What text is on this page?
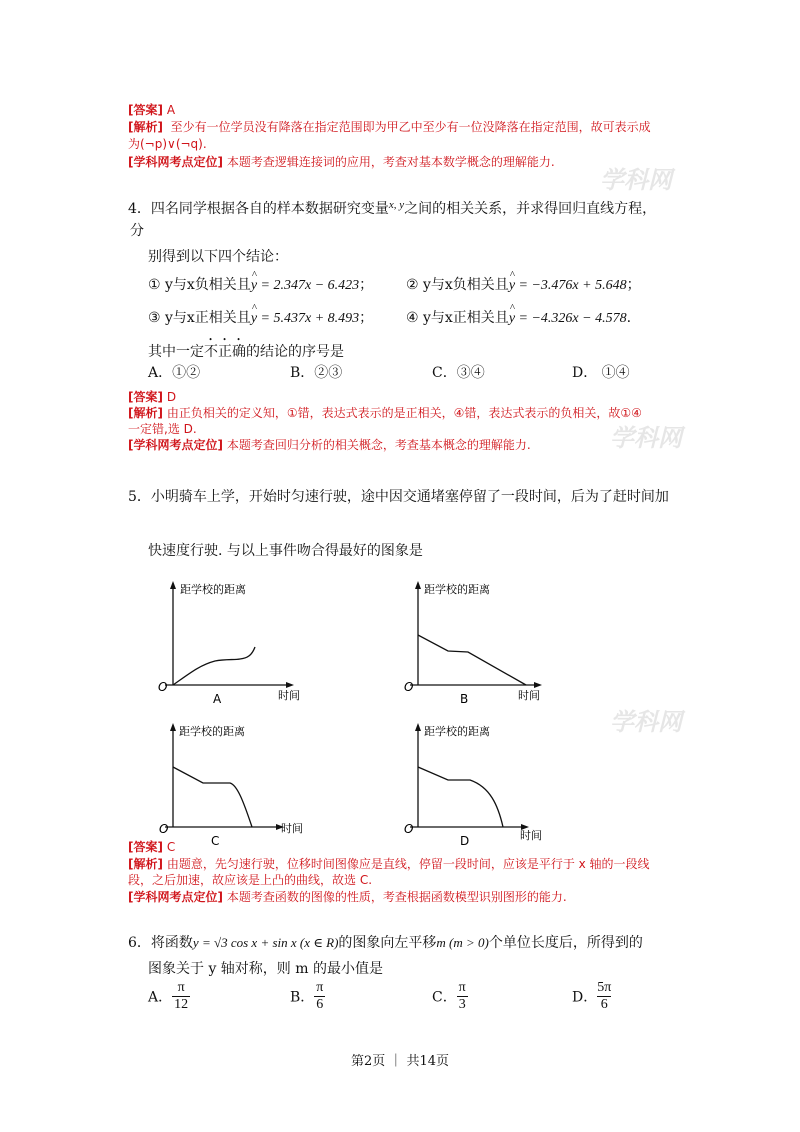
学科网
学科网
学科网
[答案] A
[解析] 至少有一位学员没有降落在指定范围即为甲乙中至少有一位没降落在指定范围，故可表示成
为(¬p)∨(¬q).
[学科网考点定位] 本题考查逻辑连接词的应用，考查对基本数学概念的理解能力.
4．四名同学根据各自的样本数据研究变量$^{x, y}$之间的相关关系，并求得回归直线方程，
分
别得到以下四个结论：
① y与x负相关且^ y = 2.347x − 6.423； ② y与x负相关且^ y = −3.476x + 5.648；
③ y与x正相关且^ y = 5.437x + 8.493； ④ y与x正相关且^ y = −4.326x − 4.578.
其中一定不正确的结论的序号是
A．①②	B．②③	C．③④	D． ①④
[答案] D
[解析] 由正负相关的定义知，①错，表达式表示的是正相关，④错，表达式表示的负相关，故①④
一定错,选 D.
[学科网考点定位] 本题考查回归分析的相关概念，考查基本概念的理解能力.
5．小明骑车上学，开始时匀速行驶，途中因交通堵塞停留了一段时间，后为了赶时间加
快速度行驶. 与以上事件吻合得最好的图象是
距学校的距离
O
时间
A
距学校的距离
O
时间
B
距学校的距离
O	时间
C
距学校的距离
O	时间
D
[答案] C
[解析] 由题意，先匀速行驶，位移时间图像应是直线，停留一段时间，应该是平行于 x 轴的一段线
段，之后加速，故应该是上凸的曲线，故选 C.
[学科网考点定位] 本题考查函数的图像的性质，考查根据函数模型识别图形的能力.
6．将函数y = √3 cos x + sin x (x ∈ R)的图象向左平移m (m > 0)个单位长度后，所得到的
图象关于 y 轴对称，则 m 的最小值是
A． $\frac{\pi}{12}$	B． $\frac{\pi}{6}$	C． $\frac{\pi}{3}$	D． $\frac{5\pi}{6}$
第2页 ｜ 共14页
